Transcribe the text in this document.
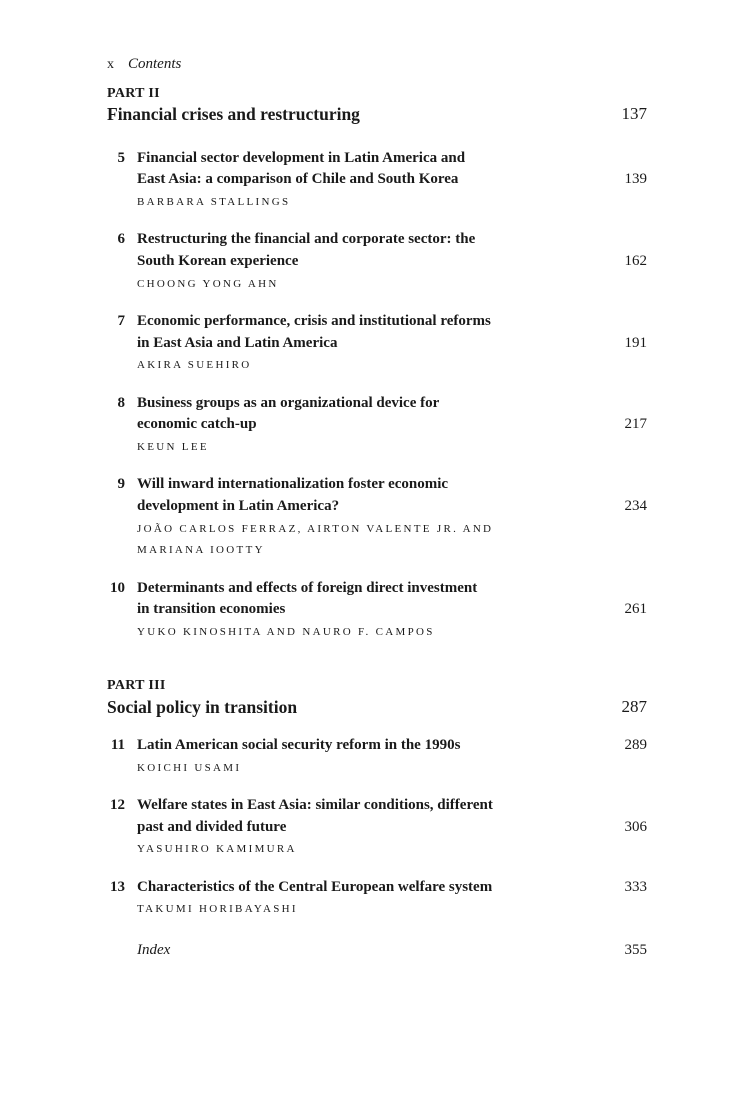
x Contents
PART II
Financial crises and restructuring	137
5 Financial sector development in Latin America and
East Asia: a comparison of Chile and South Korea	139
BARBARA STALLINGS
6 Restructuring the financial and corporate sector: the
South Korean experience	162
CHOONG YONG AHN
7 Economic performance, crisis and institutional reforms
in East Asia and Latin America	191
AKIRA SUEHIRO
8 Business groups as an organizational device for
economic catch-up	217
KEUN LEE
9 Will inward internationalization foster economic
development in Latin America?	234
JOÃO CARLOS FERRAZ, AIRTON VALENTE JR. AND
MARIANA IOOTTY
10 Determinants and effects of foreign direct investment
in transition economies	261
YUKO KINOSHITA AND NAURO F. CAMPOS
PART III
Social policy in transition	287
11 Latin American social security reform in the 1990s	289
KOICHI USAMI
12 Welfare states in East Asia: similar conditions, different
past and divided future	306
YASUHIRO KAMIMURA
13 Characteristics of the Central European welfare system	333
TAKUMI HORIBAYASHI
Index	355
